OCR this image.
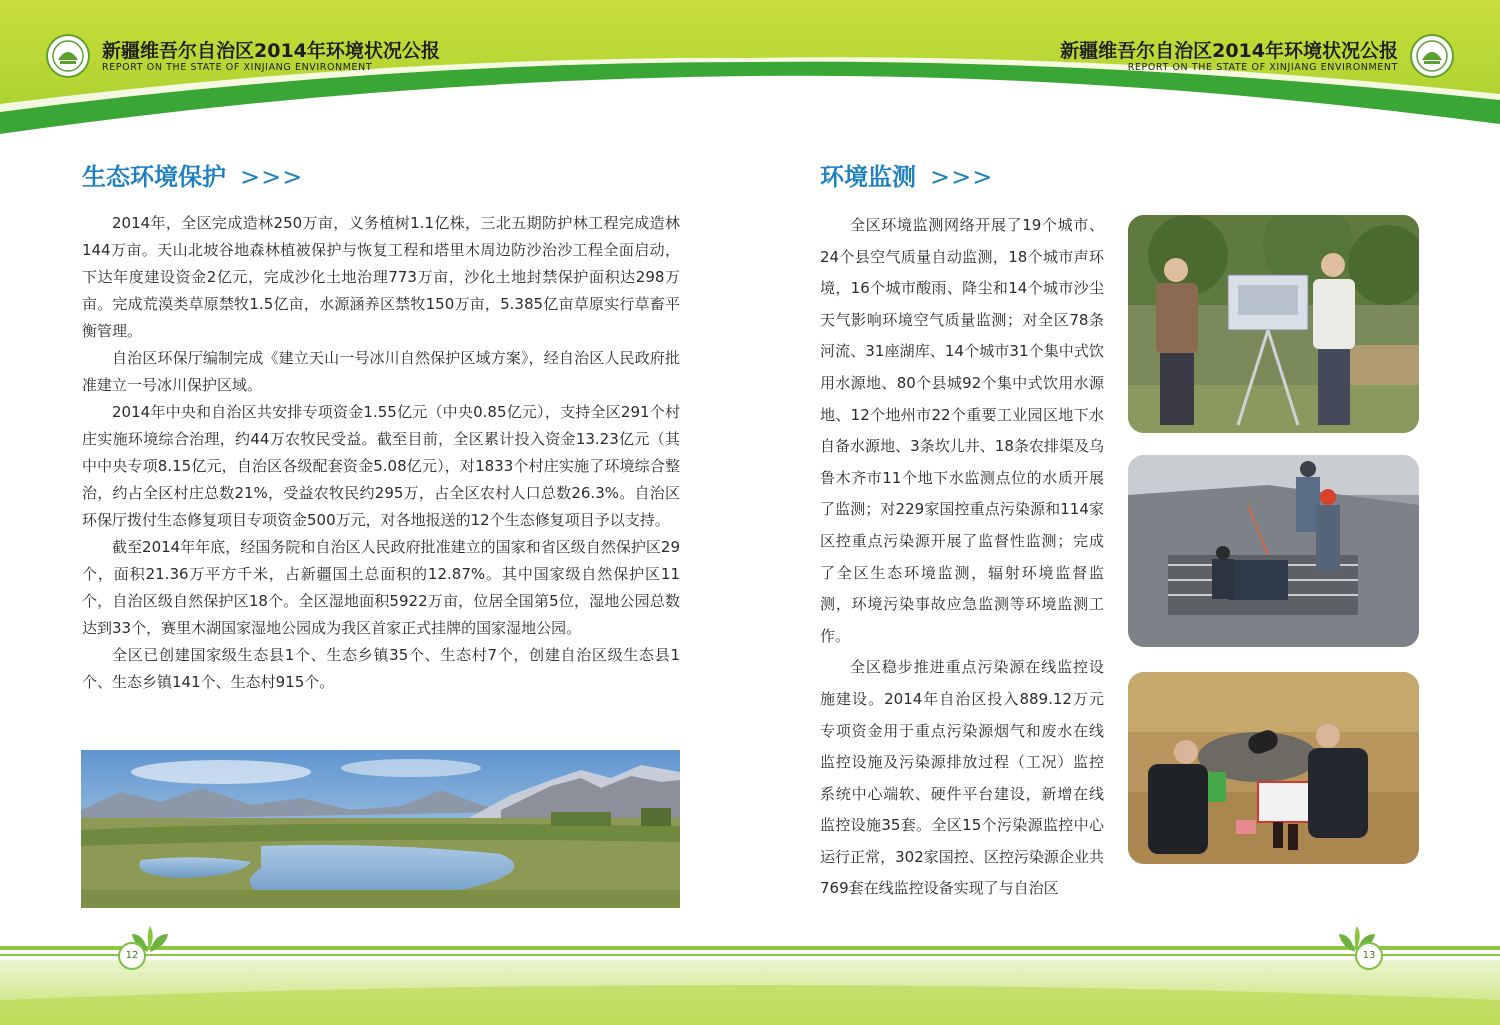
新疆维吾尔自治区2014年环境状况公报
REPORT ON THE STATE OF XINJIANG ENVIRONMENT
新疆维吾尔自治区2014年环境状况公报
REPORT ON THE STATE OF XINJIANG ENVIRONMENT
生态环境保护 >>>	环境监测 >>>

2014年，全区完成造林250万亩，义务植树1.1亿株，三北五期防护林工程完成造林144万亩。天山北坡谷地森林植被保护与恢复工程和塔里木周边防沙治沙工程全面启动，下达年度建设资金2亿元，完成沙化土地治理773万亩，沙化土地封禁保护面积达298万亩。完成荒漠类草原禁牧1.5亿亩，水源涵养区禁牧150万亩，5.385亿亩草原实行草畜平衡管理。

自治区环保厅编制完成《建立天山一号冰川自然保护区域方案》，经自治区人民政府批准建立一号冰川保护区域。

2014年中央和自治区共安排专项资金1.55亿元（中央0.85亿元），支持全区291个村庄实施环境综合治理，约44万农牧民受益。截至目前，全区累计投入资金13.23亿元（其中中央专项8.15亿元，自治区各级配套资金5.08亿元），对1833个村庄实施了环境综合整治，约占全区村庄总数21%，受益农牧民约295万，占全区农村人口总数26.3%。自治区环保厅拨付生态修复项目专项资金500万元，对各地报送的12个生态修复项目予以支持。

截至2014年年底，经国务院和自治区人民政府批准建立的国家和省区级自然保护区29个，面积21.36万平方千米，占新疆国土总面积的12.87%。其中国家级自然保护区11个，自治区级自然保护区18个。全区湿地面积5922万亩，位居全国第5位，湿地公园总数达到33个，赛里木湖国家湿地公园成为我区首家正式挂牌的国家湿地公园。

全区已创建国家级生态县1个、生态乡镇35个、生态村7个，创建自治区级生态县1个、生态乡镇141个、生态村915个。

全区环境监测网络开展了19个城市、24个县空气质量自动监测，18个城市声环境，16个城市酸雨、降尘和14个城市沙尘天气影响环境空气质量监测；对全区78条河流、31座湖库、14个城市31个集中式饮用水源地、80个县城92个集中式饮用水源地、12个地州市22个重要工业园区地下水自备水源地、3条坎儿井、18条农排渠及乌鲁木齐市11个地下水监测点位的水质开展了监测；对229家国控重点污染源和114家区控重点污染源开展了监督性监测；完成了全区生态环境监测，辐射环境监督监测，环境污染事故应急监测等环境监测工作。

全区稳步推进重点污染源在线监控设施建设。2014年自治区投入889.12万元专项资金用于重点污染源烟气和废水在线监控设施及污染源排放过程（工况）监控系统中心端软、硬件平台建设，新增在线监控设施35套。全区15个污染源监控中心运行正常，302家国控、区控污染源企业共769套在线监控设备实现了与自治区

12	13
